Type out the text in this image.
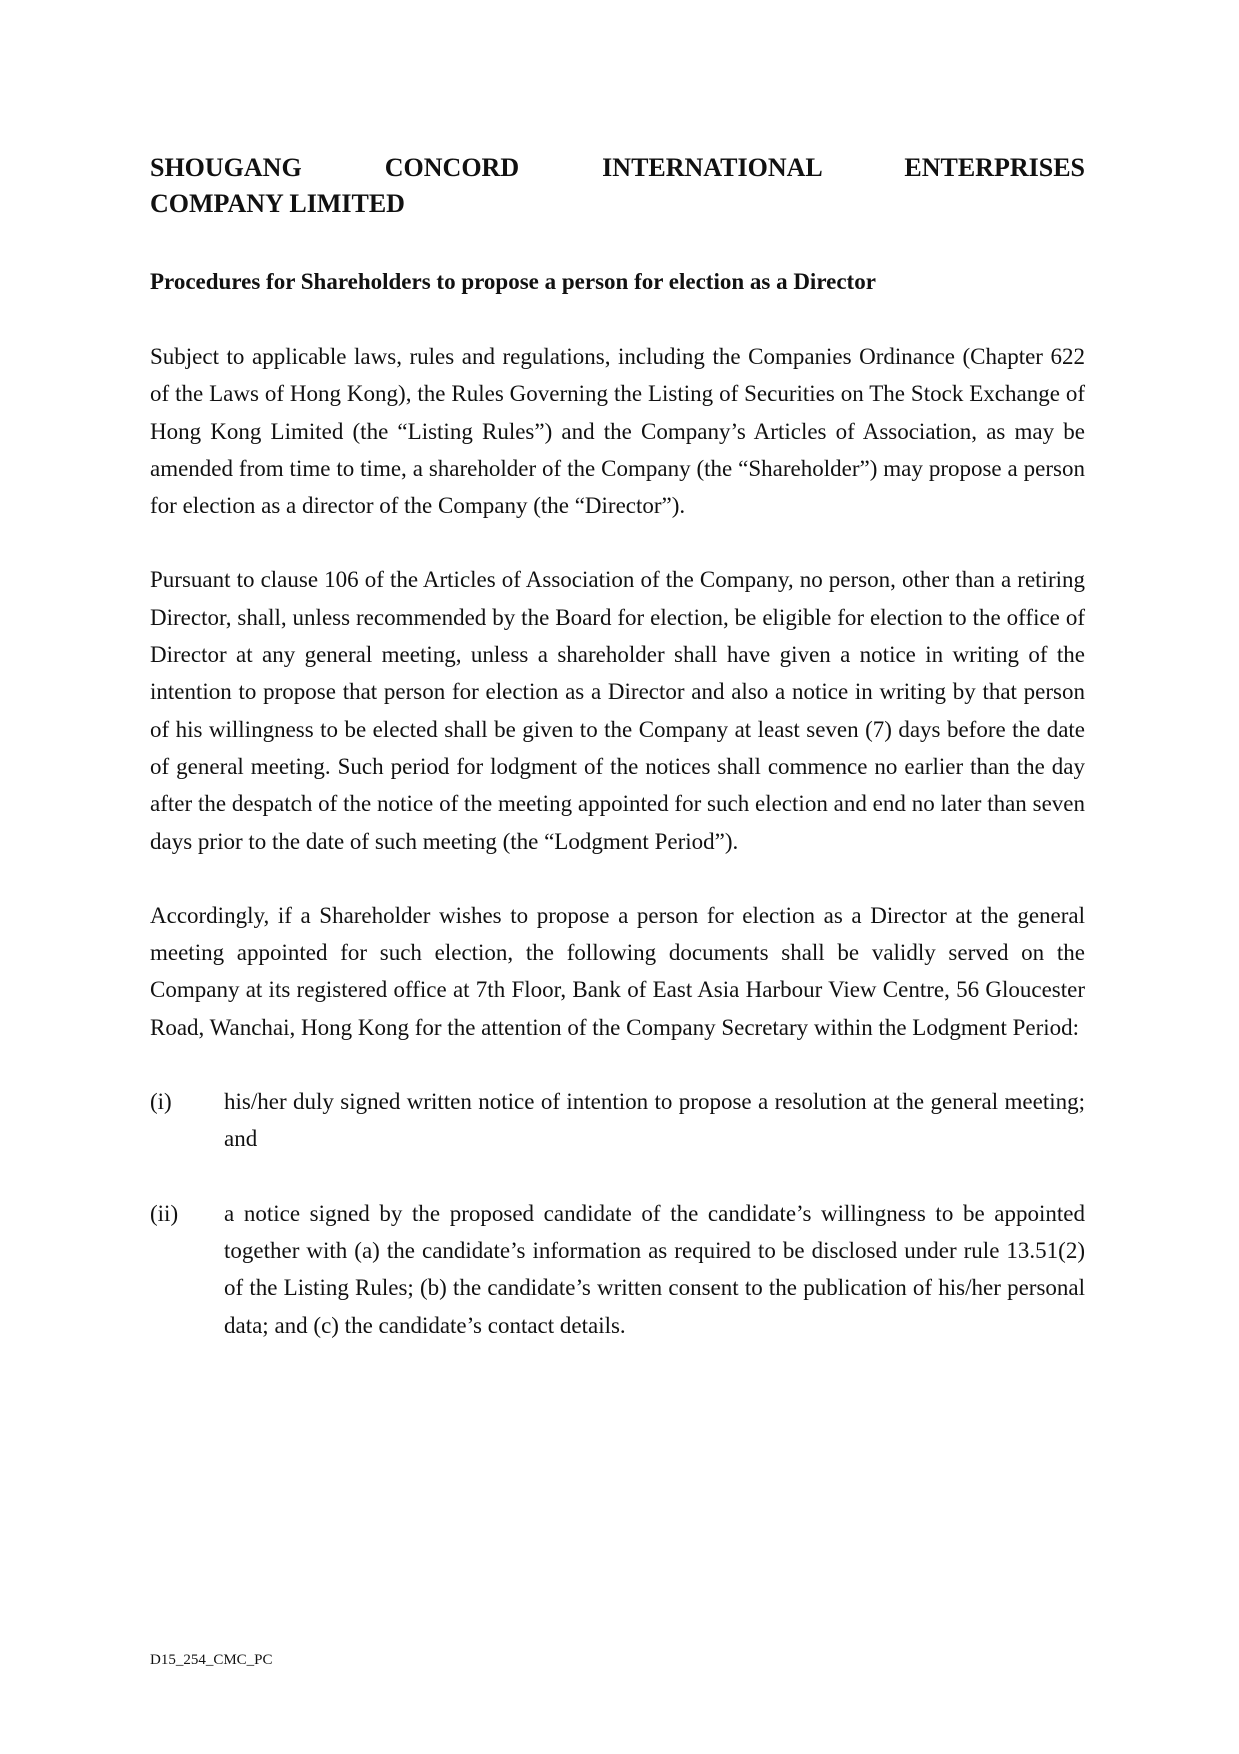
SHOUGANG CONCORD INTERNATIONAL ENTERPRISES
COMPANY LIMITED
Procedures for Shareholders to propose a person for election as a Director

Subject to applicable laws, rules and regulations, including the Companies Ordinance (Chapter 622 of the Laws of Hong Kong), the Rules Governing the Listing of Securities on The Stock Exchange of Hong Kong Limited (the “Listing Rules”) and the Company’s Articles of Association, as may be amended from time to time, a shareholder of the Company (the “Shareholder”) may propose a person for election as a director of the Company (the “Director”).

Pursuant to clause 106 of the Articles of Association of the Company, no person, other than a retiring Director, shall, unless recommended by the Board for election, be eligible for election to the office of Director at any general meeting, unless a shareholder shall have given a notice in writing of the intention to propose that person for election as a Director and also a notice in writing by that person of his willingness to be elected shall be given to the Company at least seven (7) days before the date of general meeting. Such period for lodgment of the notices shall commence no earlier than the day after the despatch of the notice of the meeting appointed for such election and end no later than seven days prior to the date of such meeting (the “Lodgment Period”).

Accordingly, if a Shareholder wishes to propose a person for election as a Director at the general meeting appointed for such election, the following documents shall be validly served on the Company at its registered office at 7th Floor, Bank of East Asia Harbour View Centre, 56 Gloucester Road, Wanchai, Hong Kong for the attention of the Company Secretary within the Lodgment Period:

(i)	his/her duly signed written notice of intention to propose a resolution at the general meeting; and
(ii)	a notice signed by the proposed candidate of the candidate’s willingness to be appointed together with (a) the candidate’s information as required to be disclosed under rule 13.51(2) of the Listing Rules; (b) the candidate’s written consent to the publication of his/her personal data; and (c) the candidate’s contact details.
D15_254_CMC_PC
